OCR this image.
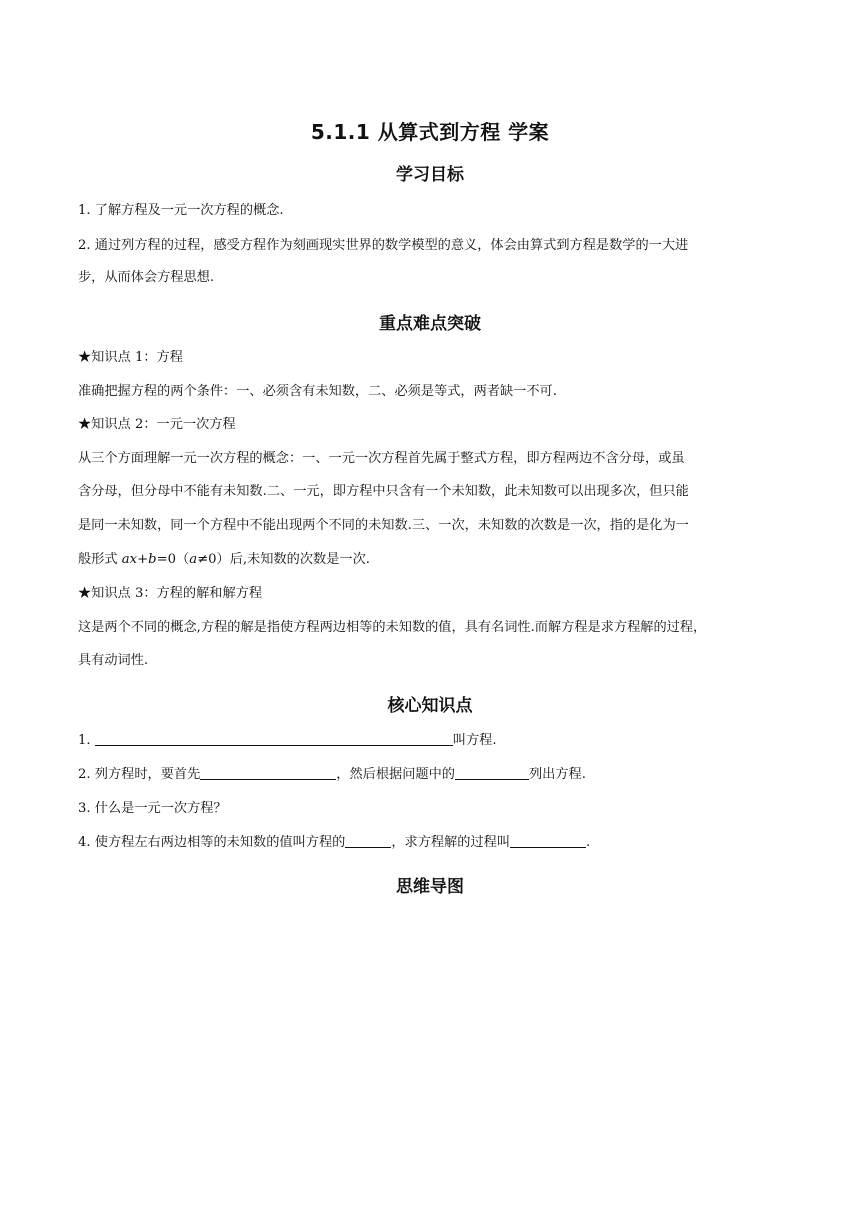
5.1.1 从算式到方程 学案
学习目标
1. 了解方程及一元一次方程的概念.
2. 通过列方程的过程，感受方程作为刻画现实世界的数学模型的意义，体会由算式到方程是数学的一大进
步，从而体会方程思想.
重点难点突破
★知识点 1：方程
准确把握方程的两个条件：一、必须含有未知数，二、必须是等式，两者缺一不可.
★知识点 2：一元一次方程
从三个方面理解一元一次方程的概念：一、一元一次方程首先属于整式方程，即方程两边不含分母，或虽
含分母，但分母中不能有未知数.二、一元，即方程中只含有一个未知数，此未知数可以出现多次，但只能
是同一未知数，同一个方程中不能出现两个不同的未知数.三、一次，未知数的次数是一次，指的是化为一
般形式 ax+b=0（a≠0）后,未知数的次数是一次.
★知识点 3：方程的解和解方程
这是两个不同的概念,方程的解是指使方程两边相等的未知数的值，具有名词性.而解方程是求方程解的过程，
具有动词性.
核心知识点
1.	叫方程.
2. 列方程时，要首先	，然后根据问题中的	列出方程.
3. 什么是一元一次方程？
4. 使方程左右两边相等的未知数的值叫方程的	，求方程解的过程叫	.
思维导图
